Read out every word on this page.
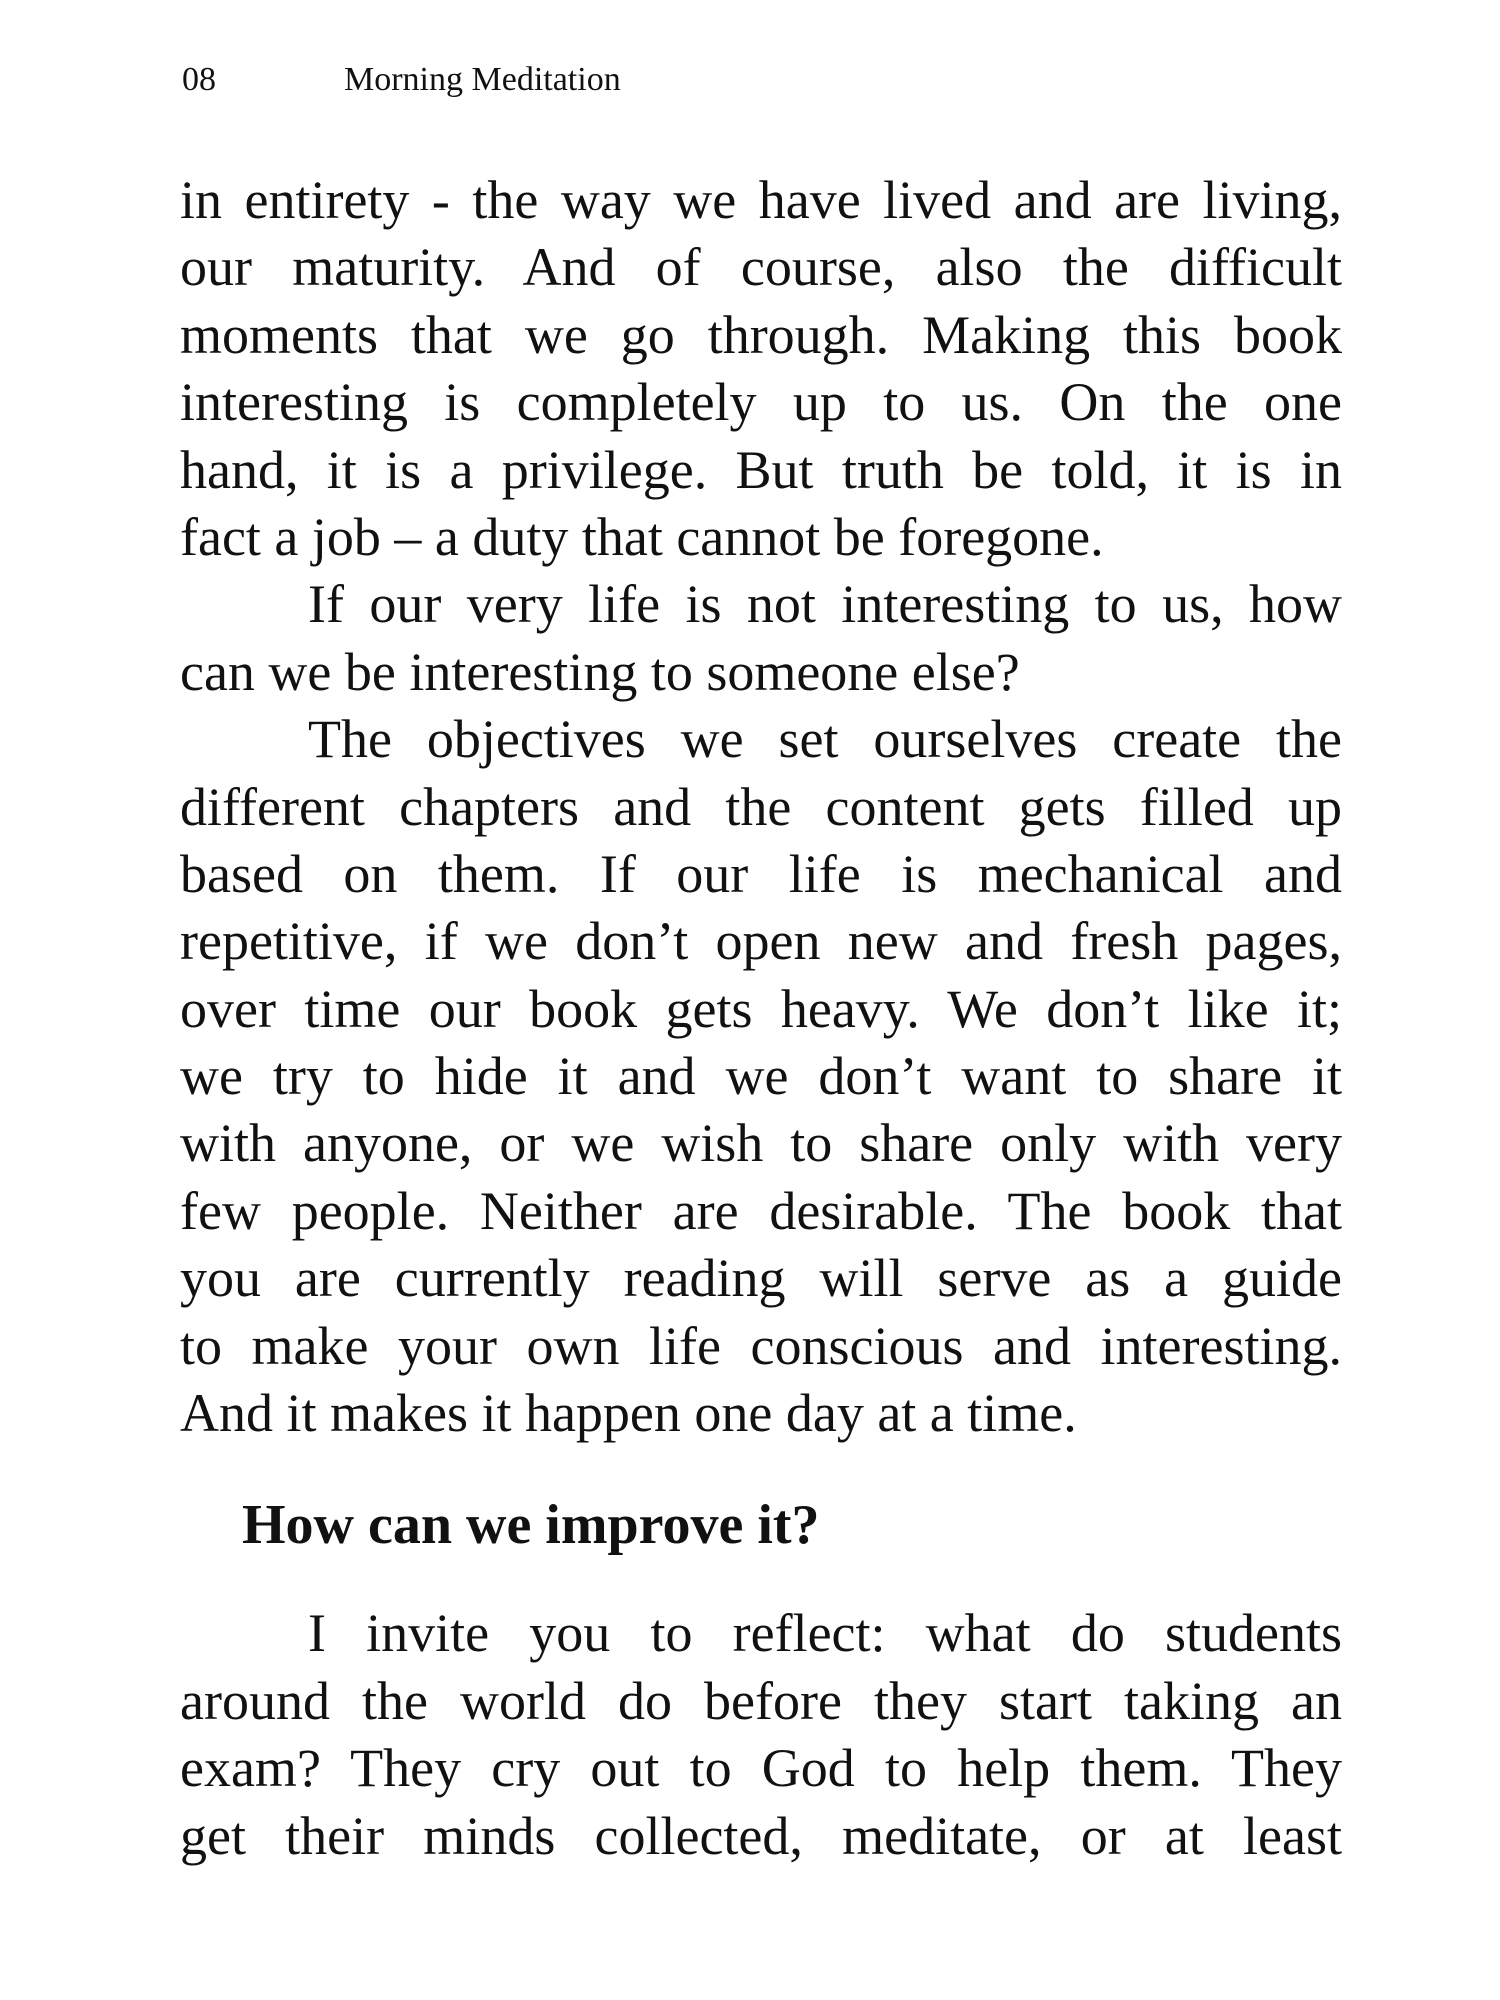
08	Morning Meditation

in entirety - the way we have lived and are living,
our maturity. And of course, also the difficult
moments that we go through. Making this book
interesting is completely up to us. On the one
hand, it is a privilege. But truth be told, it is in
fact a job – a duty that cannot be foregone.

If our very life is not interesting to us, how
can we be interesting to someone else?

The objectives we set ourselves create the
different chapters and the content gets filled up
based on them. If our life is mechanical and
repetitive, if we don’t open new and fresh pages,
over time our book gets heavy. We don’t like it;
we try to hide it and we don’t want to share it
with anyone, or we wish to share only with very
few people. Neither are desirable. The book that
you are currently reading will serve as a guide
to make your own life conscious and interesting.
And it makes it happen one day at a time.

How can we improve it?

I invite you to reflect: what do students
around the world do before they start taking an
exam? They cry out to God to help them. They
get their minds collected, meditate, or at least
